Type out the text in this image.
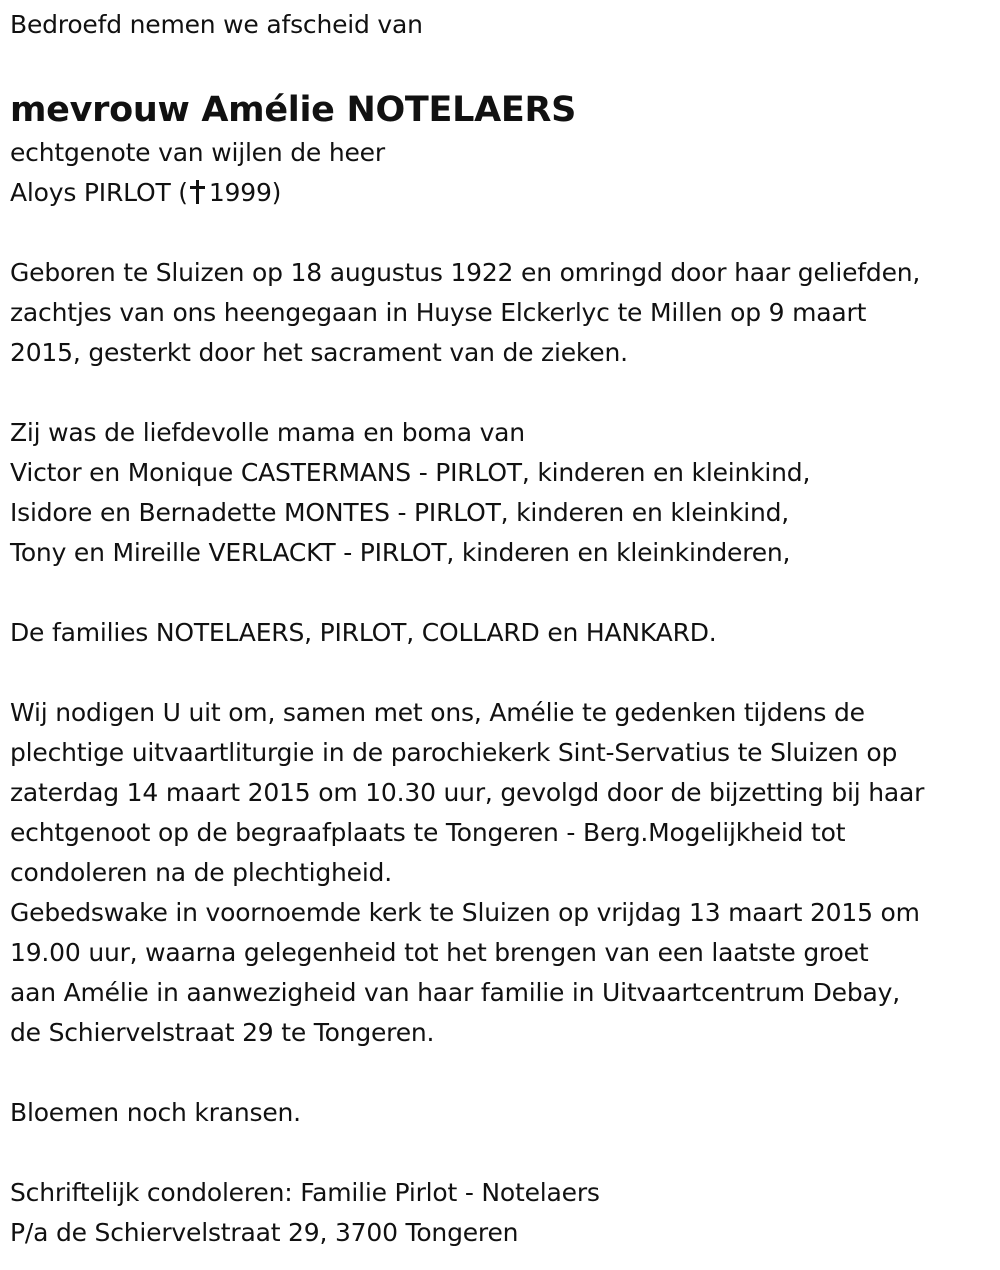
Bedroefd nemen we afscheid van
mevrouw Amélie NOTELAERS
echtgenote van wijlen de heer
Aloys PIRLOT ( 1999)
Geboren te Sluizen op 18 augustus 1922 en omringd door haar geliefden,
zachtjes van ons heengegaan in Huyse Elckerlyc te Millen op 9 maart
2015, gesterkt door het sacrament van de zieken.
Zij was de liefdevolle mama en boma van
Victor en Monique CASTERMANS - PIRLOT, kinderen en kleinkind,
Isidore en Bernadette MONTES - PIRLOT, kinderen en kleinkind,
Tony en Mireille VERLACKT - PIRLOT, kinderen en kleinkinderen,
De families NOTELAERS, PIRLOT, COLLARD en HANKARD.
Wij nodigen U uit om, samen met ons, Amélie te gedenken tijdens de
plechtige uitvaartliturgie in de parochiekerk Sint-Servatius te Sluizen op
zaterdag 14 maart 2015 om 10.30 uur, gevolgd door de bijzetting bij haar
echtgenoot op de begraafplaats te Tongeren - Berg.Mogelijkheid tot
condoleren na de plechtigheid.
Gebedswake in voornoemde kerk te Sluizen op vrijdag 13 maart 2015 om
19.00 uur, waarna gelegenheid tot het brengen van een laatste groet
aan Amélie in aanwezigheid van haar familie in Uitvaartcentrum Debay,
de Schiervelstraat 29 te Tongeren.
Bloemen noch kransen.
Schriftelijk condoleren: Familie Pirlot - Notelaers
P/a de Schiervelstraat 29, 3700 Tongeren
